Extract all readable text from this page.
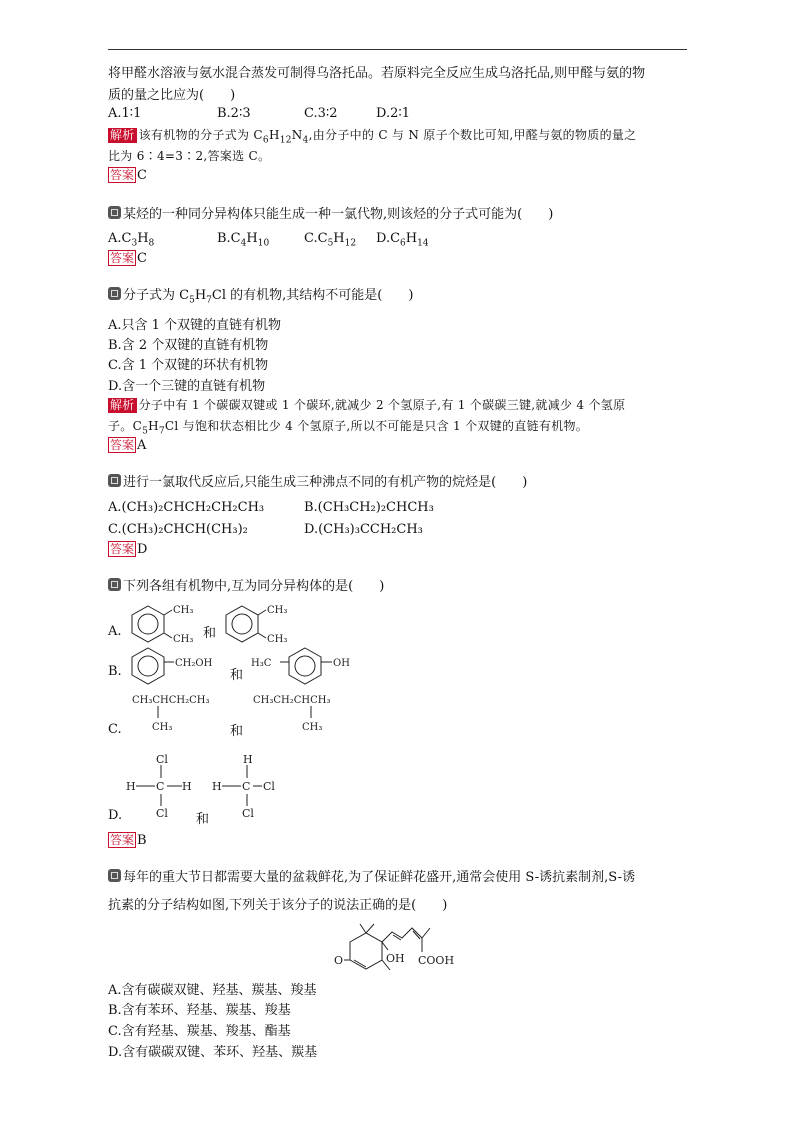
将甲醛水溶液与氨水混合蒸发可制得乌洛托品。若原料完全反应生成乌洛托品,则甲醛与氨的物
质的量之比应为(　　)
A.1∶1	B.2∶3	C.3∶2	D.2∶1
解析 该有机物的分子式为 $C_6H_{12}N_4$,由分子中的 C 与 N 原子个数比可知,甲醛与氨的物质的量之
比为 6∶4=3∶2,答案选 C。
答案 C
某烃的一种同分异构体只能生成一种一氯代物,则该烃的分子式可能为(　　)
$A.C_3H_8$	$B.C_4H_{10}$	$C.C_5H_{12}$ $D.C_6H_{14}$
答案 C
分子式为 $C_5H_7Cl$ 的有机物,其结构不可能是(　　)
A.只含 1 个双键的直链有机物
B.含 2 个双键的直链有机物
C.含 1 个双键的环状有机物
D.含一个三键的直链有机物
解析 分子中有 1 个碳碳双键或 1 个碳环,就减少 2 个氢原子,有 1 个碳碳三键,就减少 4 个氢原
子。$C_5H_7Cl$ 与饱和状态相比少 4 个氢原子,所以不可能是只含 1 个双键的直链有机物。
答案 A
进行一氯取代反应后,只能生成三种沸点不同的有机产物的烷烃是(　　)
A.(CH₃)₂CHCH₂CH₂CH₃	B.(CH₃CH₂)₂CHCH₃
C.(CH₃)₂CHCH(CH₃)₂	D.(CH₃)₃CCH₂CH₃
答案 D
下列各组有机物中,互为同分异构体的是(　　)
CH₃
CH₃
CH₃
CH₃
CH₂OH	H₃C	OH
CH₃CHCH₂CH₃
CH₃
CH₃CH₂CHCH₃
CH₃
Cl
H C H
Cl
H
H C Cl
Cl
A.	和
B.	和
C.	和
D.	和
答案 B
每年的重大节日都需要大量的盆栽鲜花,为了保证鲜花盛开,通常会使用 S-诱抗素制剂,S-诱
抗素的分子结构如图,下列关于该分子的说法正确的是(　　)
O	OH COOH
A.含有碳碳双键、羟基、羰基、羧基
B.含有苯环、羟基、羰基、羧基
C.含有羟基、羰基、羧基、酯基
D.含有碳碳双键、苯环、羟基、羰基
